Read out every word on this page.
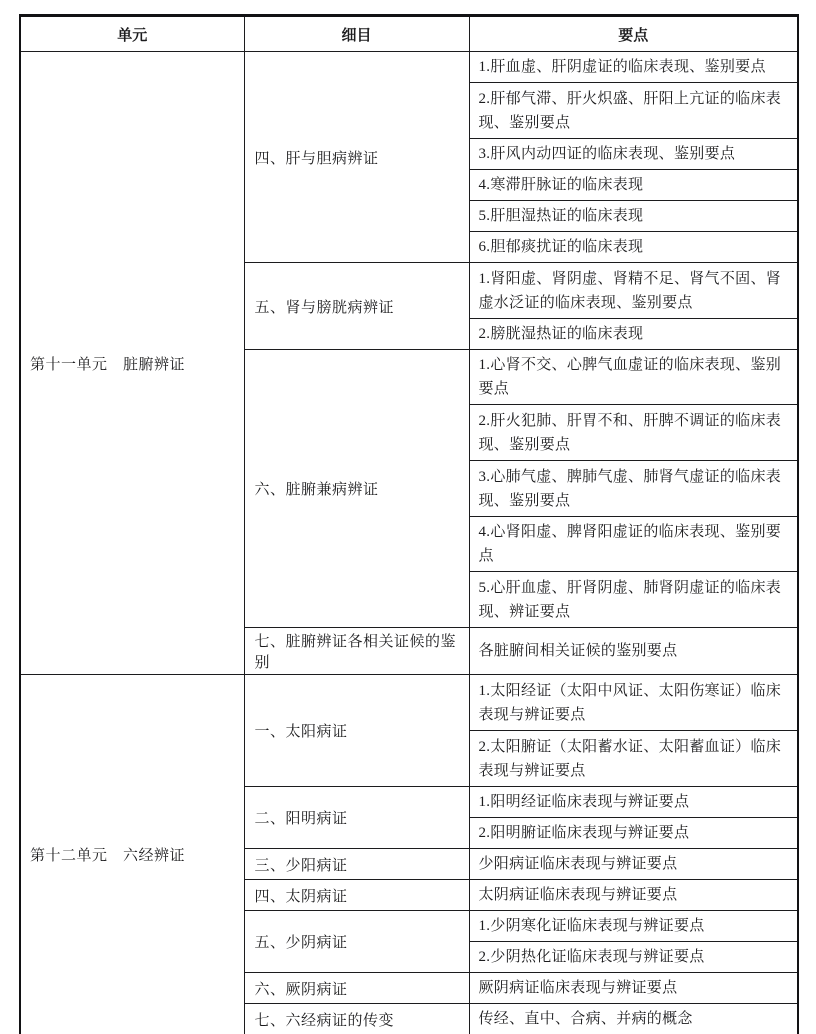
单元	细目	要点
第十一单元　脏腑辨证	四、肝与胆病辨证	1.肝血虚、肝阴虚证的临床表现、鉴别要点
		2.肝郁气滞、肝火炽盛、肝阳上亢证的临床表现、鉴别要点
		3.肝风内动四证的临床表现、鉴别要点
		4.寒滞肝脉证的临床表现
		5.肝胆湿热证的临床表现
		6.胆郁痰扰证的临床表现
	五、肾与膀胱病辨证	1.肾阳虚、肾阴虚、肾精不足、肾气不固、肾虚水泛证的临床表现、鉴别要点
		2.膀胱湿热证的临床表现
	六、脏腑兼病辨证	1.心肾不交、心脾气血虚证的临床表现、鉴别要点
		2.肝火犯肺、肝胃不和、肝脾不调证的临床表现、鉴别要点
		3.心肺气虚、脾肺气虚、肺肾气虚证的临床表现、鉴别要点
		4.心肾阳虚、脾肾阳虚证的临床表现、鉴别要点
		5.心肝血虚、肝肾阴虚、肺肾阴虚证的临床表现、辨证要点
	七、脏腑辨证各相关证候的鉴别	各脏腑间相关证候的鉴别要点
第十二单元　六经辨证	一、太阳病证	1.太阳经证（太阳中风证、太阳伤寒证）临床表现与辨证要点
		2.太阳腑证（太阳蓄水证、太阳蓄血证）临床表现与辨证要点
	二、阳明病证	1.阳明经证临床表现与辨证要点
		2.阳明腑证临床表现与辨证要点
	三、少阳病证	少阳病证临床表现与辨证要点
	四、太阴病证	太阴病证临床表现与辨证要点
	五、少阴病证	1.少阴寒化证临床表现与辨证要点
		2.少阴热化证临床表现与辨证要点
	六、厥阴病证	厥阴病证临床表现与辨证要点
	七、六经病证的传变	传经、直中、合病、并病的概念
